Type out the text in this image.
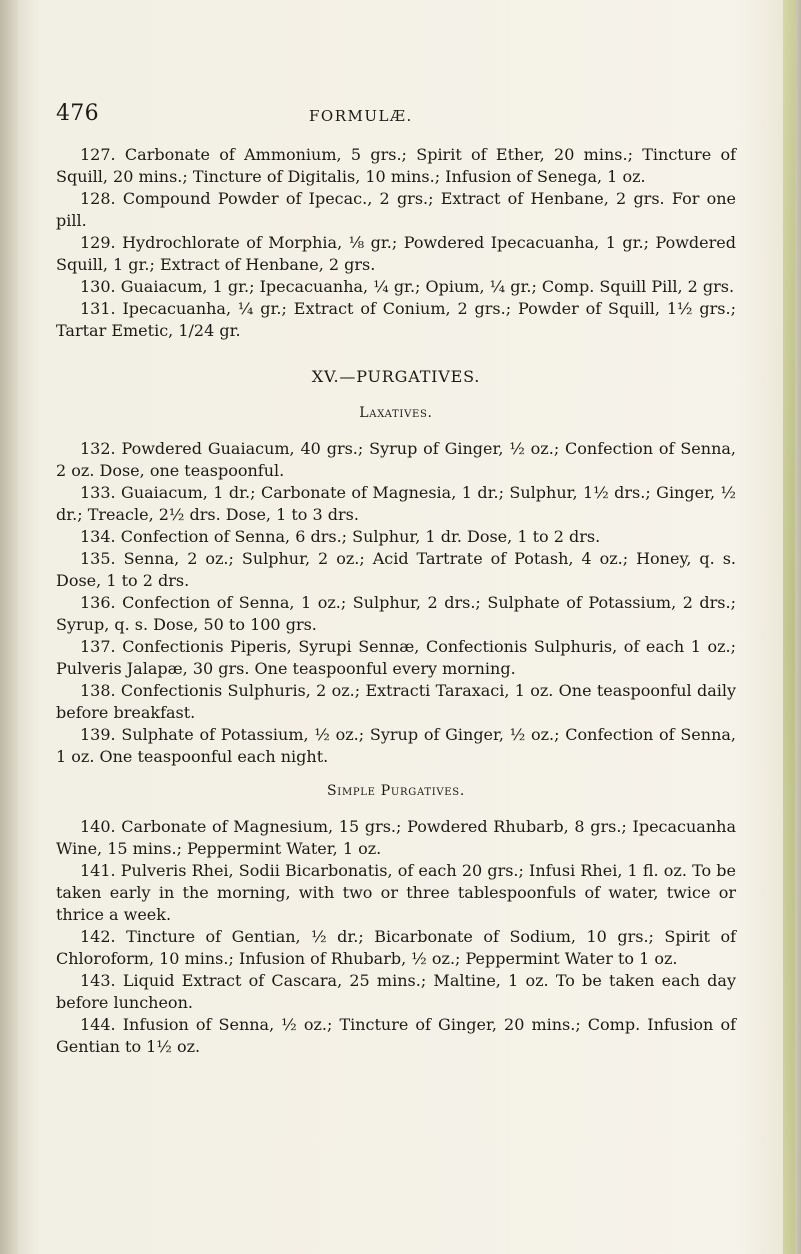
476	FORMULÆ.

127. Carbonate of Ammonium, 5 grs.; Spirit of Ether, 20 mins.; Tincture of Squill, 20 mins.; Tincture of Digitalis, 10 mins.; Infusion of Senega, 1 oz.

128. Compound Powder of Ipecac., 2 grs.; Extract of Henbane, 2 grs. For one pill.

129. Hydrochlorate of Morphia, ⅛ gr.; Powdered Ipecacuanha, 1 gr.; Powdered Squill, 1 gr.; Extract of Henbane, 2 grs.

130. Guaiacum, 1 gr.; Ipecacuanha, ¼ gr.; Opium, ¼ gr.; Comp. Squill Pill, 2 grs.

131. Ipecacuanha, ¼ gr.; Extract of Conium, 2 grs.; Powder of Squill, 1½ grs.; Tartar Emetic, 1/24 gr.

XV.—PURGATIVES.
Laxatives.

132. Powdered Guaiacum, 40 grs.; Syrup of Ginger, ½ oz.; Confection of Senna, 2 oz. Dose, one teaspoonful.

133. Guaiacum, 1 dr.; Carbonate of Magnesia, 1 dr.; Sulphur, 1½ drs.; Ginger, ½ dr.; Treacle, 2½ drs. Dose, 1 to 3 drs.

134. Confection of Senna, 6 drs.; Sulphur, 1 dr. Dose, 1 to 2 drs.

135. Senna, 2 oz.; Sulphur, 2 oz.; Acid Tartrate of Potash, 4 oz.; Honey, q. s. Dose, 1 to 2 drs.

136. Confection of Senna, 1 oz.; Sulphur, 2 drs.; Sulphate of Potassium, 2 drs.; Syrup, q. s. Dose, 50 to 100 grs.

137. Confectionis Piperis, Syrupi Sennæ, Confectionis Sulphuris, of each 1 oz.; Pulveris Jalapæ, 30 grs. One teaspoonful every morning.

138. Confectionis Sulphuris, 2 oz.; Extracti Taraxaci, 1 oz. One teaspoonful daily before breakfast.

139. Sulphate of Potassium, ½ oz.; Syrup of Ginger, ½ oz.; Confection of Senna, 1 oz. One teaspoonful each night.

Simple Purgatives.

140. Carbonate of Magnesium, 15 grs.; Powdered Rhubarb, 8 grs.; Ipecacuanha Wine, 15 mins.; Peppermint Water, 1 oz.

141. Pulveris Rhei, Sodii Bicarbonatis, of each 20 grs.; Infusi Rhei, 1 fl. oz. To be taken early in the morning, with two or three tablespoonfuls of water, twice or thrice a week.

142. Tincture of Gentian, ½ dr.; Bicarbonate of Sodium, 10 grs.; Spirit of Chloroform, 10 mins.; Infusion of Rhubarb, ½ oz.; Peppermint Water to 1 oz.

143. Liquid Extract of Cascara, 25 mins.; Maltine, 1 oz. To be taken each day before luncheon.

144. Infusion of Senna, ½ oz.; Tincture of Ginger, 20 mins.; Comp. Infusion of Gentian to 1½ oz.
